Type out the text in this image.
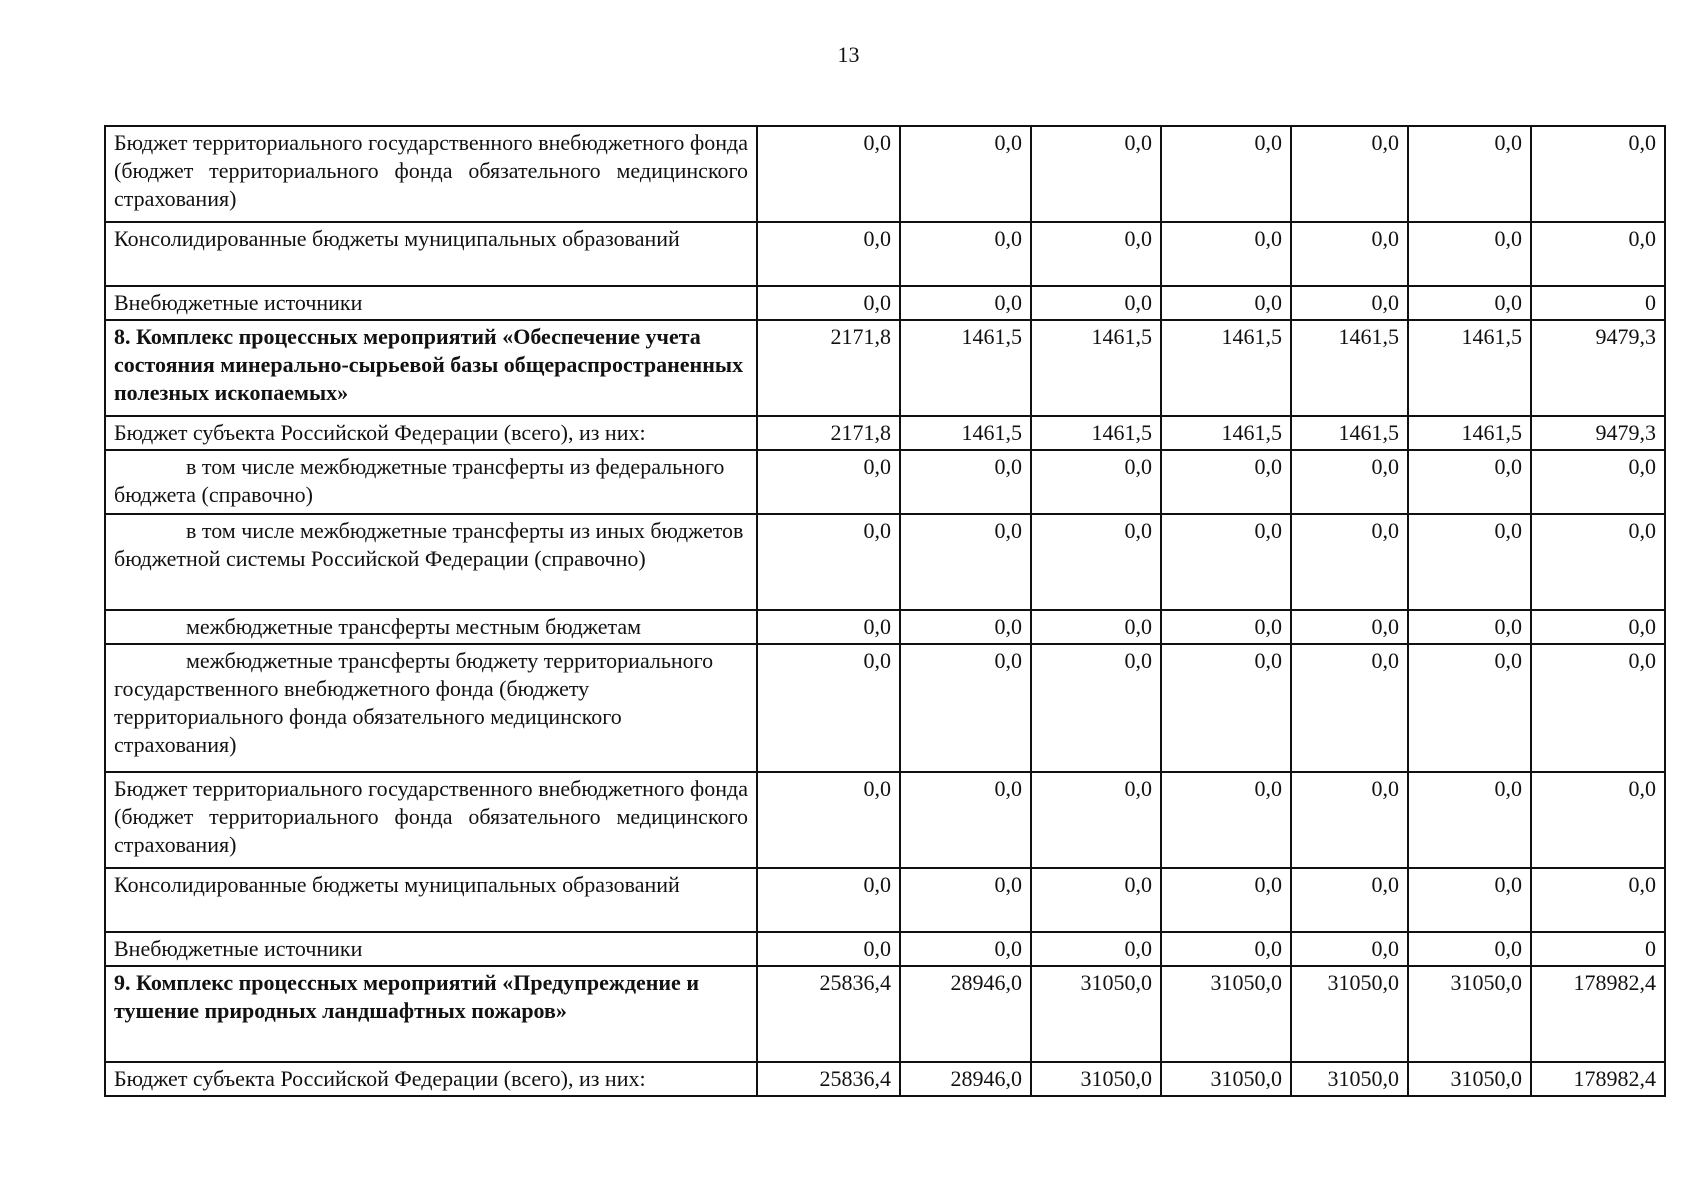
13
Бюджет территориального государственного внебюджетного фонда (бюджет территориального фонда обязательного медицинского страхования)	0,0	0,0	0,0	0,0	0,0	0,0	0,0
Консолидированные бюджеты муниципальных образований	0,0	0,0	0,0	0,0	0,0	0,0	0,0
Внебюджетные источники	0,0	0,0	0,0	0,0	0,0	0,0	0
8. Комплекс процессных мероприятий «Обеспечение учета состояния минерально-сырьевой базы общераспространенных полезных ископаемых»	2171,8	1461,5	1461,5	1461,5	1461,5	1461,5	9479,3
Бюджет субъекта Российской Федерации (всего), из них:	2171,8	1461,5	1461,5	1461,5	1461,5	1461,5	9479,3
в том числе межбюджетные трансферты из федерального бюджета (справочно)	0,0	0,0	0,0	0,0	0,0	0,0	0,0
в том числе межбюджетные трансферты из иных бюджетов бюджетной системы Российской Федерации (справочно)	0,0	0,0	0,0	0,0	0,0	0,0	0,0
межбюджетные трансферты местным бюджетам	0,0	0,0	0,0	0,0	0,0	0,0	0,0
межбюджетные трансферты бюджету территориального государственного внебюджетного фонда (бюджету территориального фонда обязательного медицинского страхования)	0,0	0,0	0,0	0,0	0,0	0,0	0,0
Бюджет территориального государственного внебюджетного фонда (бюджет территориального фонда обязательного медицинского страхования)	0,0	0,0	0,0	0,0	0,0	0,0	0,0
Консолидированные бюджеты муниципальных образований	0,0	0,0	0,0	0,0	0,0	0,0	0,0
Внебюджетные источники	0,0	0,0	0,0	0,0	0,0	0,0	0
9. Комплекс процессных мероприятий «Предупреждение и тушение природных ландшафтных пожаров»	25836,4	28946,0	31050,0	31050,0	31050,0	31050,0	178982,4
Бюджет субъекта Российской Федерации (всего), из них:	25836,4	28946,0	31050,0	31050,0	31050,0	31050,0	178982,4
